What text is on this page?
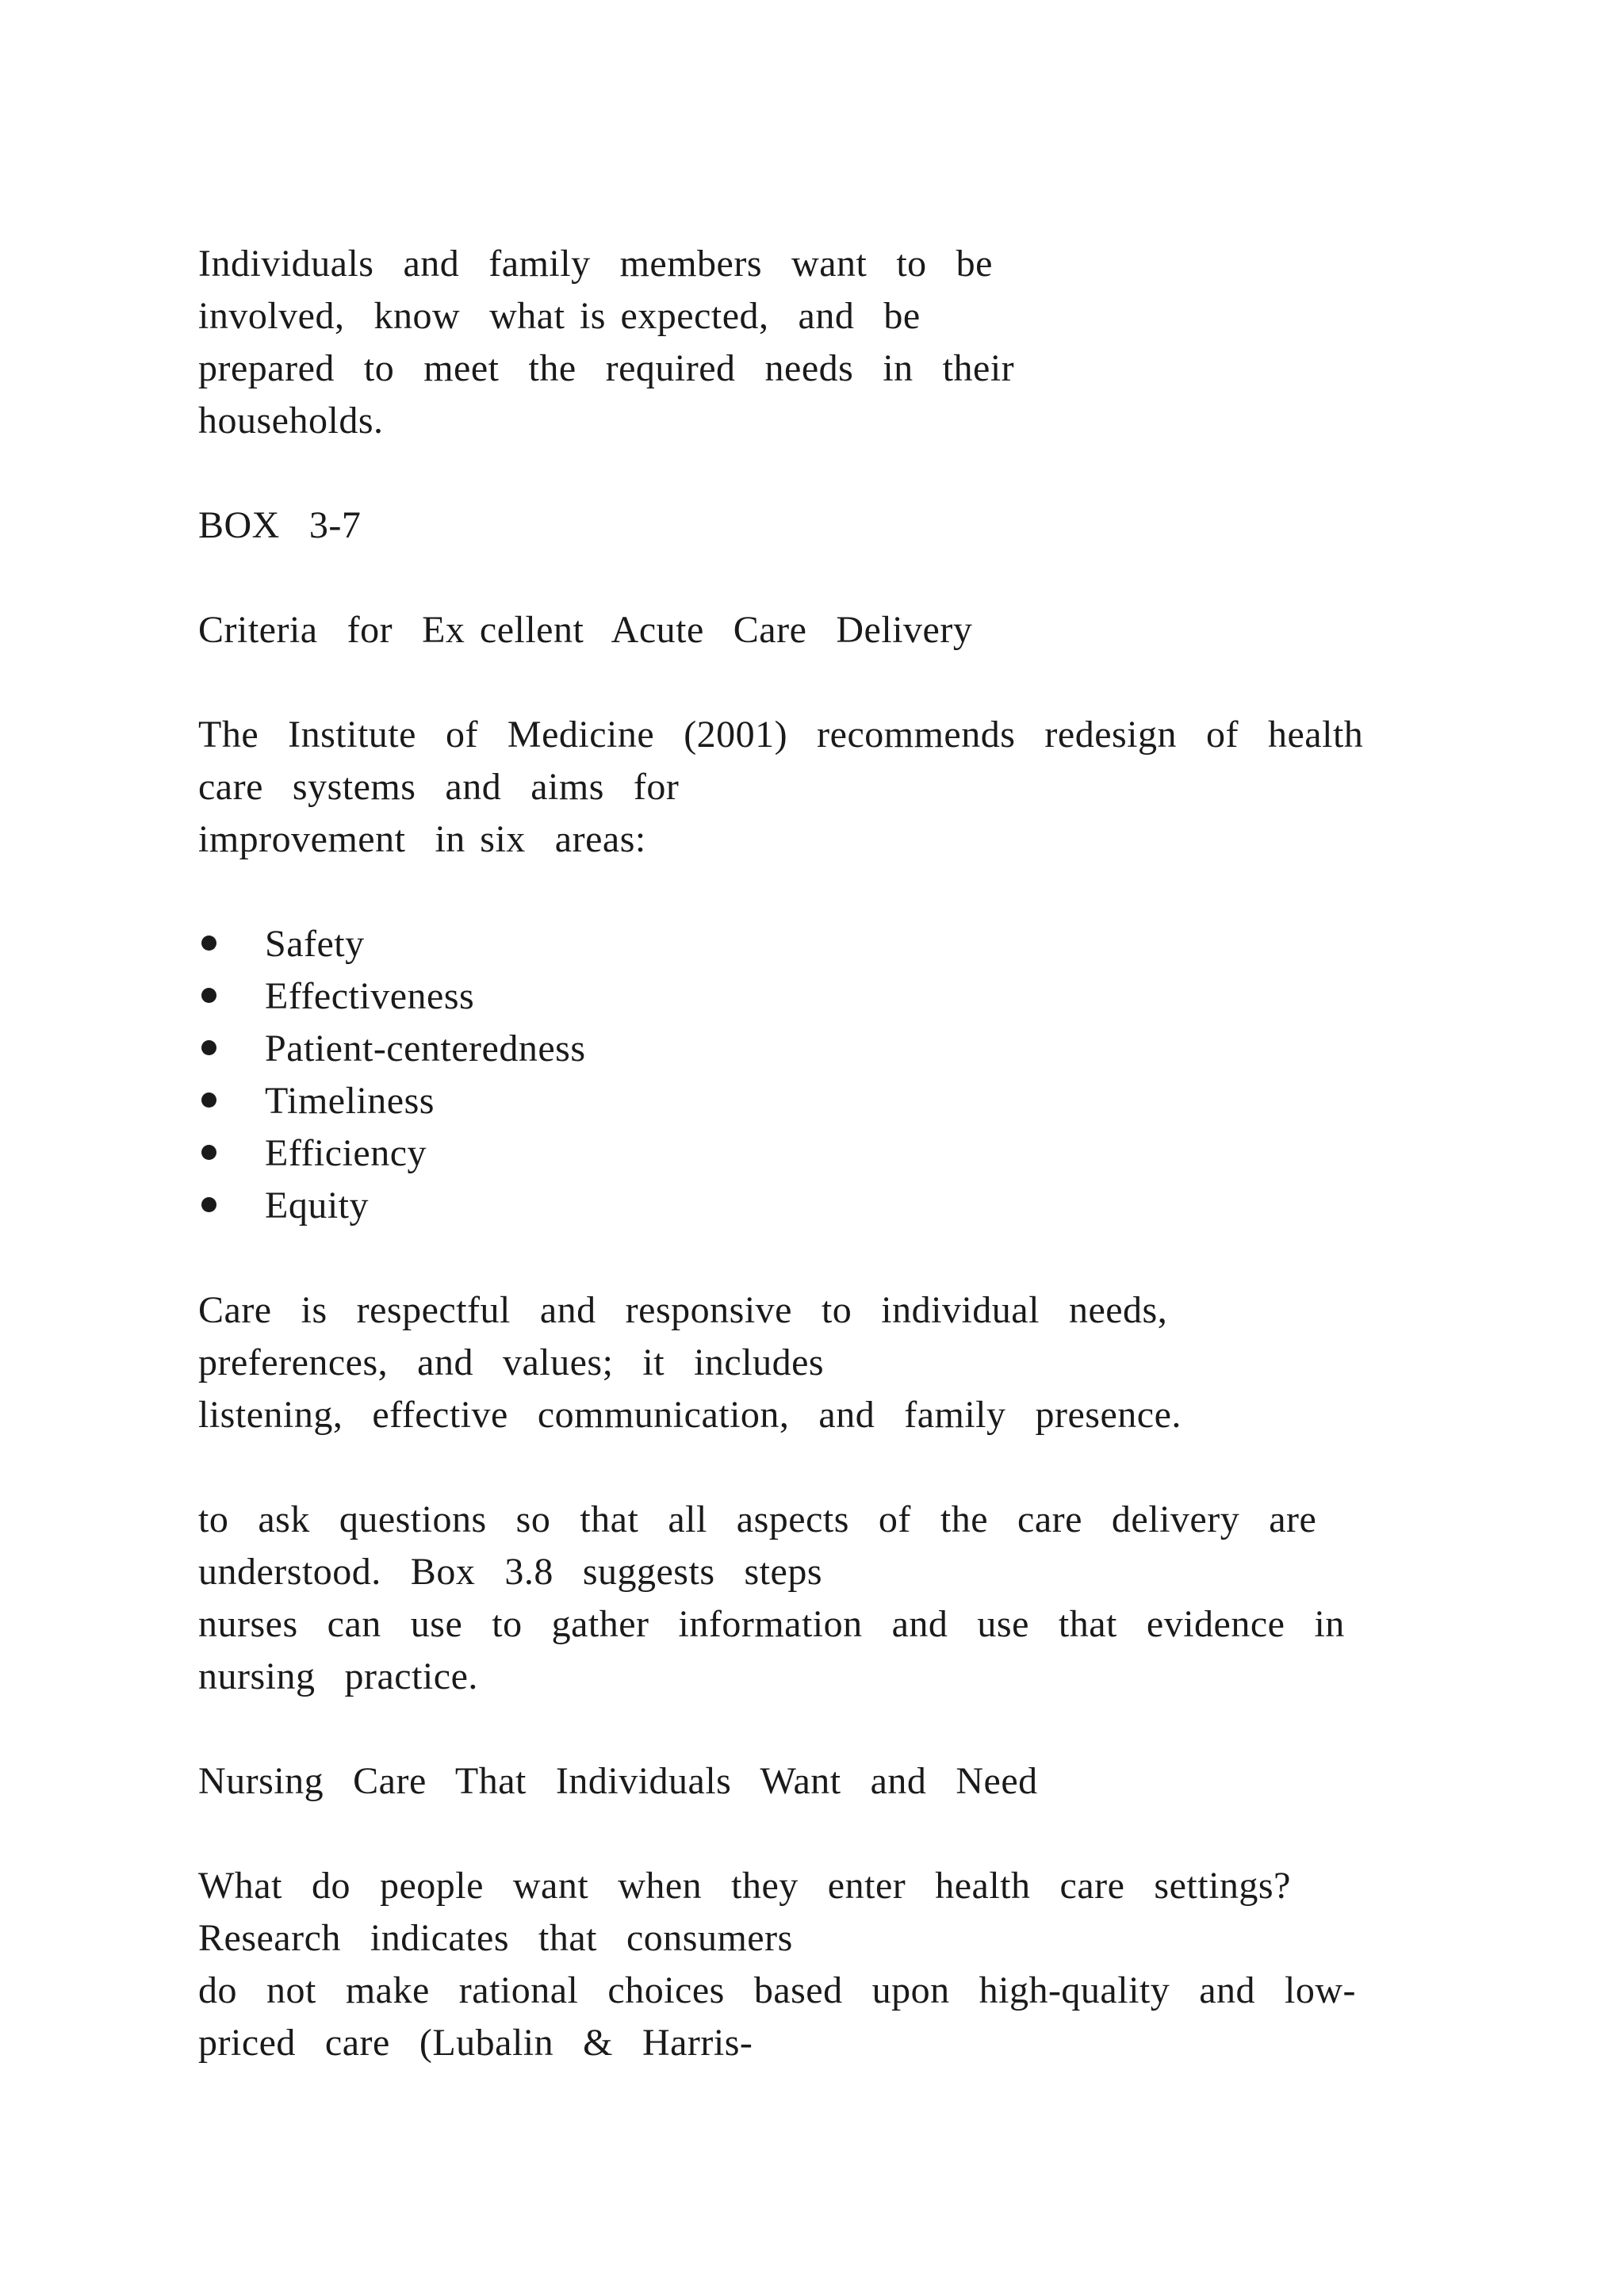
Individuals  and  family  members  want  to  be
involved,  know  what is expected,  and  be
prepared  to  meet  the  required  needs  in  their
households.
BOX  3-7
Criteria  for  Ex cellent  Acute  Care  Delivery
The  Institute  of  Medicine  (2001)  recommends  redesign  of  health
care  systems  and  aims  for
improvement  in six  areas:
Safety
Effectiveness
Patient-centeredness
Timeliness
Efficiency
Equity
Care  is  respectful  and  responsive  to  individual  needs,
preferences,  and  values;  it  includes
listening,  effective  communication,  and  family  presence.
to  ask  questions  so  that  all  aspects  of  the  care  delivery  are
understood.  Box  3.8  suggests  steps
nurses  can  use  to  gather  information  and  use  that  evidence  in
nursing  practice.
Nursing  Care  That  Individuals  Want  and  Need
What  do  people  want  when  they  enter  health  care  settings?
Research  indicates  that  consumers
do  not  make  rational  choices  based  upon  high-quality  and  low-
priced  care  (Lubalin  &  Harris-
